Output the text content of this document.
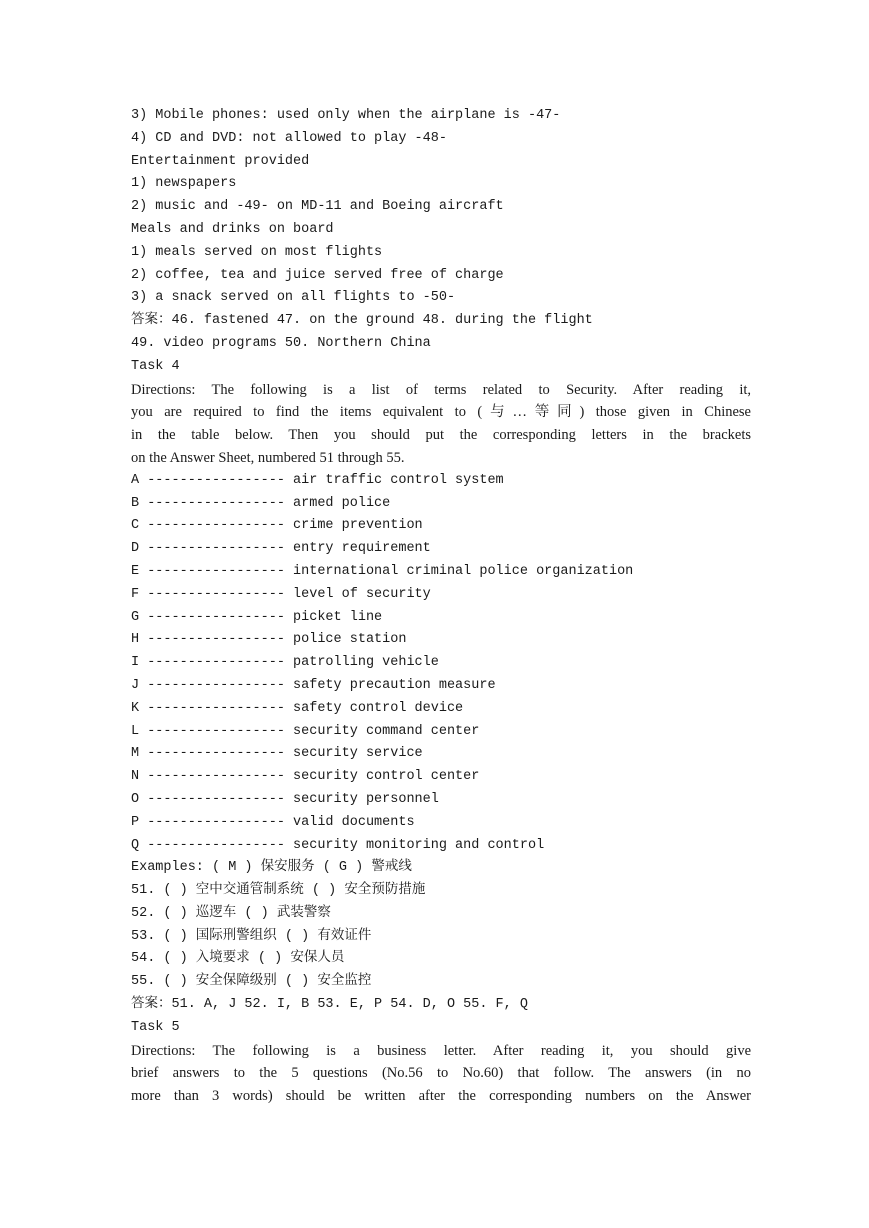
3) Mobile phones: used only when the airplane is -47-
4) CD and DVD: not allowed to play -48-
Entertainment provided
1) newspapers
2) music and -49- on MD-11 and Boeing aircraft
Meals and drinks on board
1) meals served on most flights
2) coffee, tea and juice served free of charge
3) a snack served on all flights to -50-
答案：46. fastened 47. on the ground 48. during the flight
49. video programs 50. Northern China
Task 4
Directions: The following is a list of terms related to Security. After reading it,
you are required to find the items equivalent to (与…等同) those given in Chinese
in the table below. Then you should put the corresponding letters in the brackets
on the Answer Sheet, numbered 51 through 55.
A ----------------- air traffic control system
B ----------------- armed police
C ----------------- crime prevention
D ----------------- entry requirement
E ----------------- international criminal police organization
F ----------------- level of security
G ----------------- picket line
H ----------------- police station
I ----------------- patrolling vehicle
J ----------------- safety precaution measure
K ----------------- safety control device
L ----------------- security command center
M ----------------- security service
N ----------------- security control center
O ----------------- security personnel
P ----------------- valid documents
Q ----------------- security monitoring and control
Examples: ( M ) 保安服务 ( G ) 警戒线
51. ( ) 空中交通管制系统 ( ) 安全预防措施
52. ( ) 巡逻车 ( ) 武装警察
53. ( ) 国际刑警组织 ( ) 有效证件
54. ( ) 入境要求 ( ) 安保人员
55. ( ) 安全保障级别 ( ) 安全监控
答案：51. A, J 52. I, B 53. E, P 54. D, O 55. F, Q
Task 5
Directions: The following is a business letter. After reading it, you should give
brief answers to the 5 questions (No.56 to No.60) that follow. The answers (in no
more than 3 words) should be written after the corresponding numbers on the Answer
